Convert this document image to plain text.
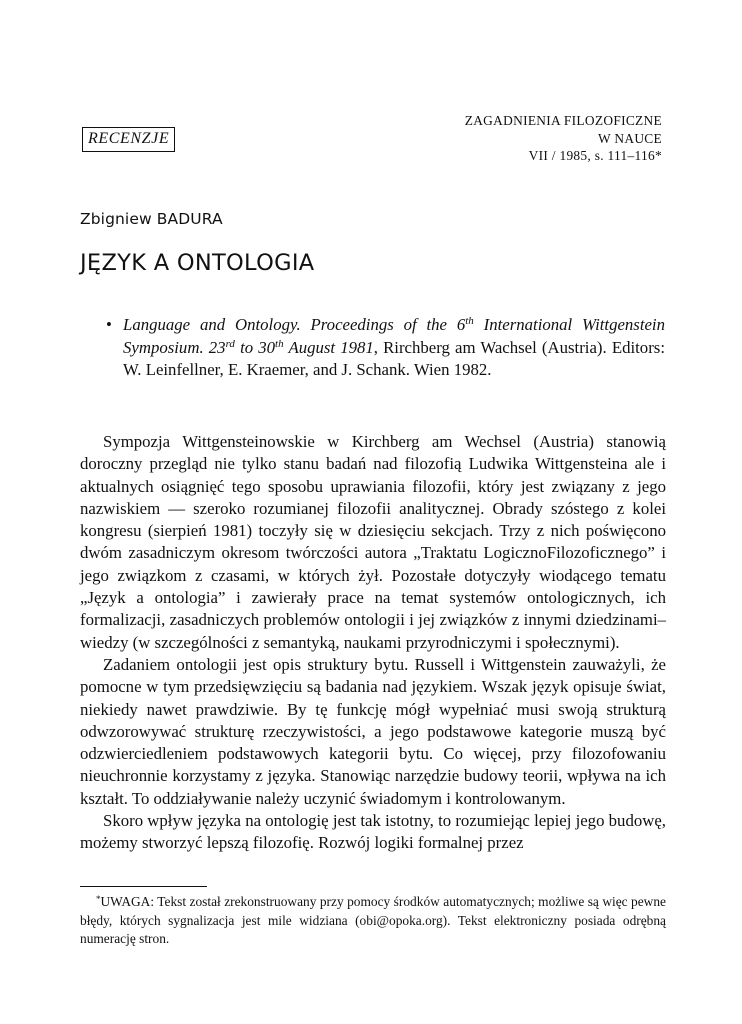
ZAGADNIENIA FILOZOFICZNE
W NAUCE
VII / 1985, s. 111–116*
RECENZJE
Zbigniew BADURA
JĘZYK A ONTOLOGIA
• Language and Ontology. Proceedings of the 6th International Wittgenstein Symposium. 23rd to 30th August 1981, Rirchberg am Wachsel (Austria). Editors: W. Leinfellner, E. Kraemer, and J. Schank. Wien 1982.

Sympozja Wittgensteinowskie w Kirchberg am Wechsel (Austria) stanowią doroczny przegląd nie tylko stanu badań nad filozofią Ludwika Wittgensteina ale i aktualnych osiągnięć tego sposobu uprawiania filozofii, który jest związany z jego nazwiskiem — szeroko rozumianej filozofii analitycznej. Obrady szóstego z kolei kongresu (sierpień 1981) toczyły się w dziesięciu sekcjach. Trzy z nich poświęcono dwóm zasadniczym okresom twórczości autora „Traktatu LogicznoFilozoficznego” i jego związkom z czasami, w których żył. Pozostałe dotyczyły wiodącego tematu „Język a ontologia” i zawierały prace na temat systemów ontologicznych, ich formalizacji, zasadniczych problemów ontologii i jej związków z innymi dziedzinami–wiedzy (w szczególności z semantyką, naukami przyrodniczymi i społecznymi).

Zadaniem ontologii jest opis struktury bytu. Russell i Wittgenstein zauważyli, że pomocne w tym przedsięwzięciu są badania nad językiem. Wszak język opisuje świat, niekiedy nawet prawdziwie. By tę funkcję mógł wypełniać musi swoją strukturą odwzorowywać strukturę rzeczywistości, a jego podstawowe kategorie muszą być odzwierciedleniem podstawowych kategorii bytu. Co więcej, przy filozofowaniu nieuchronnie korzystamy z języka. Stanowiąc narzędzie budowy teorii, wpływa na ich kształt. To oddziaływanie należy uczynić świadomym i kontrolowanym.

Skoro wpływ języka na ontologię jest tak istotny, to rozumiejąc lepiej jego budowę, możemy stworzyć lepszą filozofię. Rozwój logiki formalnej przez

*UWAGA: Tekst został zrekonstruowany przy pomocy środków automatycznych; możliwe są więc pewne błędy, których sygnalizacja jest mile widziana (obi@opoka.org). Tekst elektroniczny posiada odrębną numerację stron.
